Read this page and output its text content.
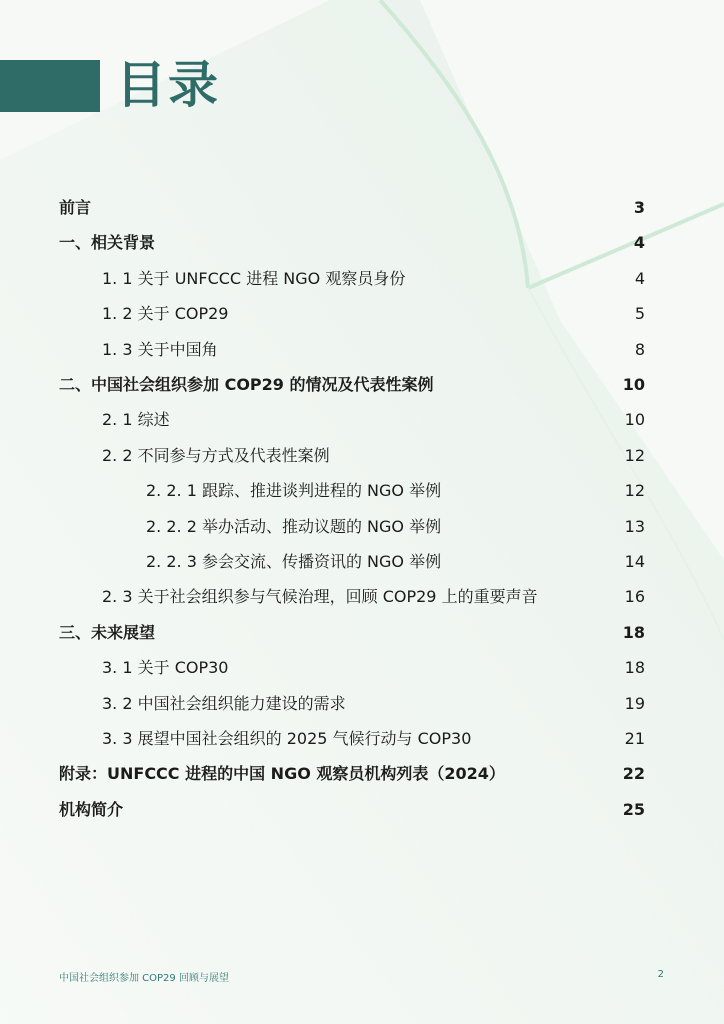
目录
前言	3
一、相关背景	4
1. 1 关于 UNFCCC 进程 NGO 观察员身份	4
1. 2 关于 COP29	5
1. 3 关于中国角	8
二、中国社会组织参加 COP29 的情况及代表性案例	10
2. 1 综述	10
2. 2 不同参与方式及代表性案例	12
2. 2. 1 跟踪、推进谈判进程的 NGO 举例	12
2. 2. 2 举办活动、推动议题的 NGO 举例	13
2. 2. 3 参会交流、传播资讯的 NGO 举例	14
2. 3 关于社会组织参与气候治理，回顾 COP29 上的重要声音	16
三、未来展望	18
3. 1 关于 COP30	18
3. 2 中国社会组织能力建设的需求	19
3. 3 展望中国社会组织的 2025 气候行动与 COP30	21
附录：UNFCCC 进程的中国 NGO 观察员机构列表（2024）	22
机构简介	25
中国社会组织参加 COP29 回顾与展望	2
